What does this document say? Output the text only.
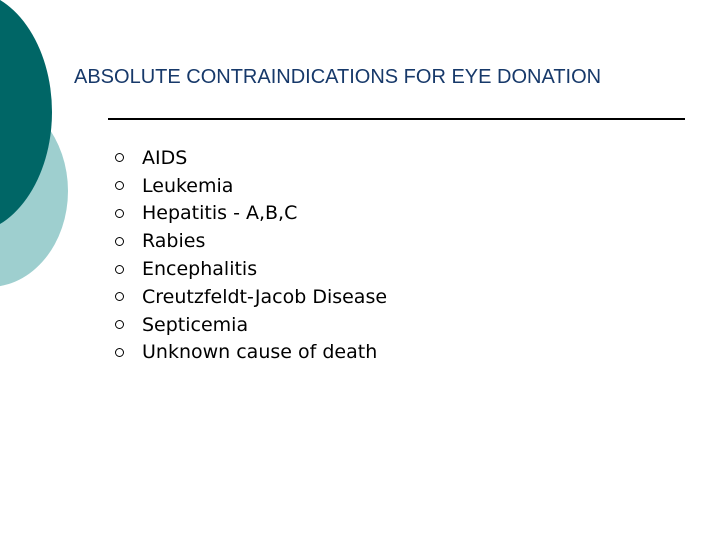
ABSOLUTE CONTRAINDICATIONS FOR EYE DONATION
AIDS
Leukemia
Hepatitis - A,B,C
Rabies
Encephalitis
Creutzfeldt-Jacob Disease
Septicemia
Unknown cause of death
